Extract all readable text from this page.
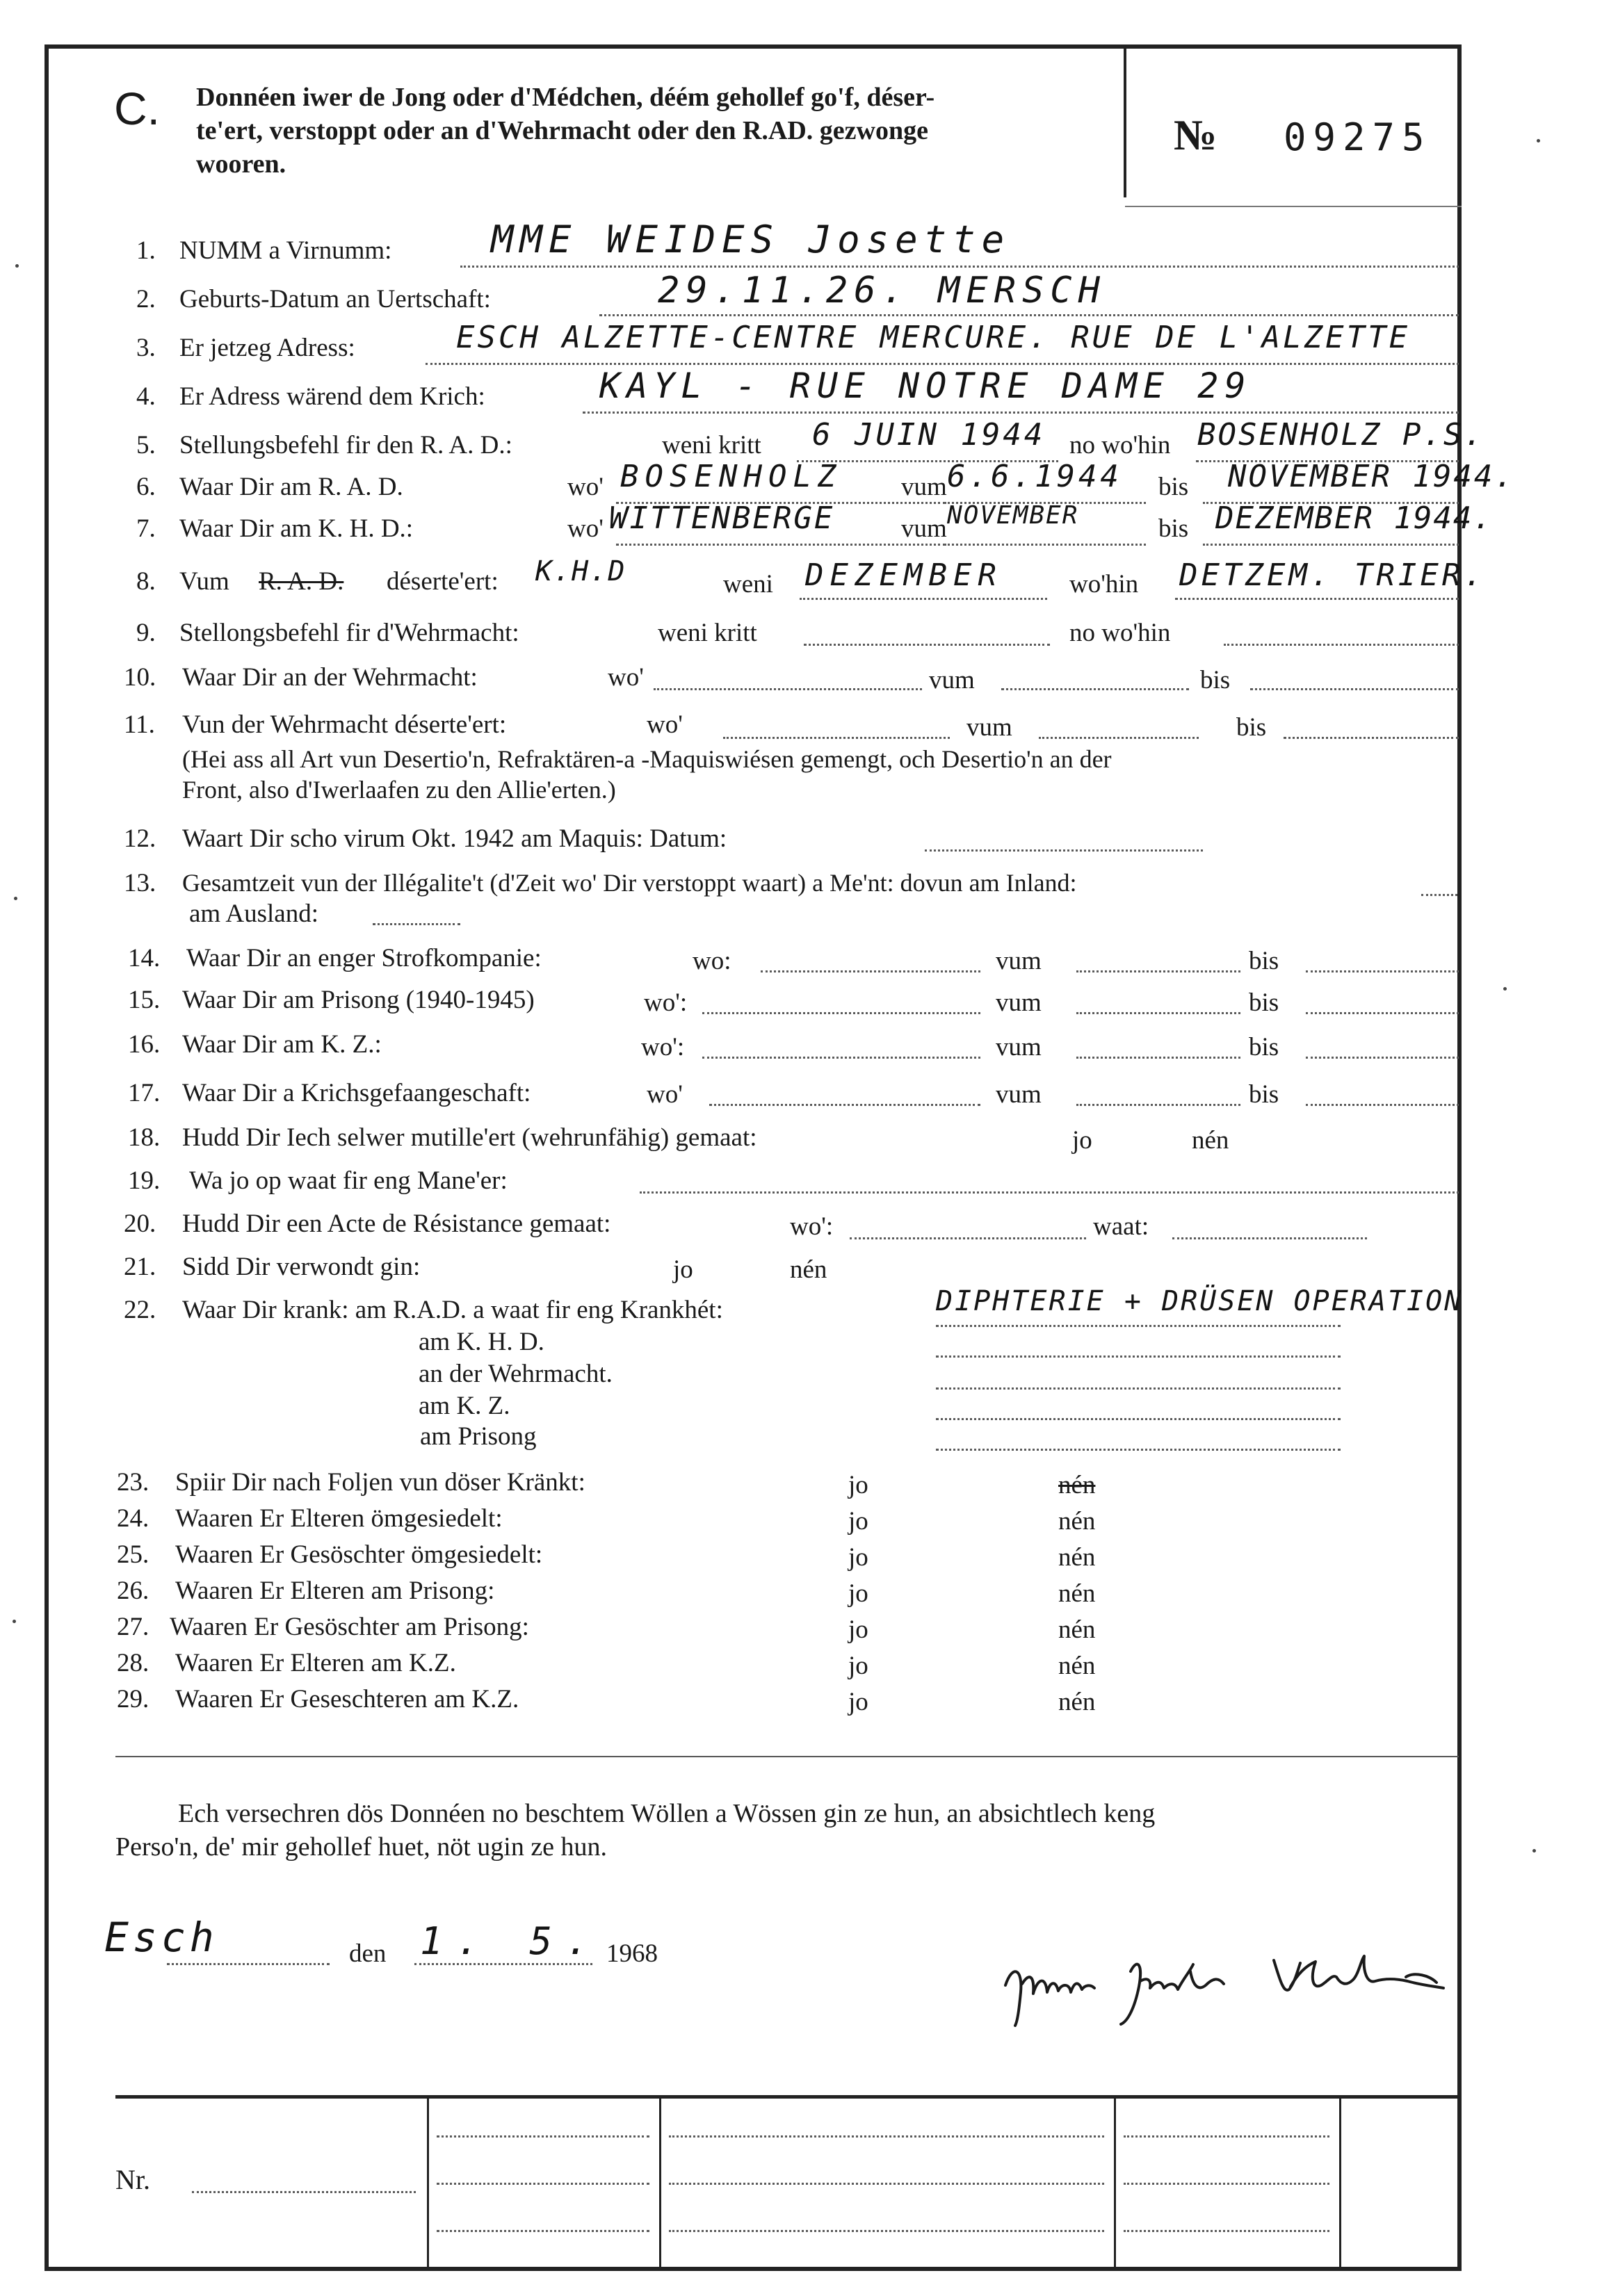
C. Donnéen iwer de Jong oder d'Médchen, déém gehollef go'f, déser-
te'ert, verstoppt oder an d'Wehrmacht oder den R.AD. gezwonge
wooren.
№ 09275
1. NUMM a Virnumm:	MME WEIDES Josette
2. Geburts-Datum an Uertschaft:	29.11.26. MERSCH
3. Er jetzeg Adress:	ESCH ALZETTE-CENTRE MERCURE. RUE DE L'ALZETTE
4. Er Adress wärend dem Krich:	KAYL - RUE NOTRE DAME 29
5. Stellungsbefehl fir den R. A. D.:	weni kritt 6 JUIN 1944 no wo'hin BOSENHOLZ P.S.
6. Waar Dir am R. A. D.	wo' BOSENHOLZ vum 6.6.1944 bis NOVEMBER 1944.
7. Waar Dir am K. H. D.:	wo' WITTENBERGE	vum NOVEMBER	bis DEZEMBER 1944.
8. Vum R. A. D. déserte'ert: K.H.D	weni DEZEMBER	wo'hin DETZEM. TRIER.
9. Stellongsbefehl fir d'Wehrmacht:	weni kritt	no wo'hin
10. Waar Dir an der Wehrmacht:	wo'	vum	bis
11. Vun der Wehrmacht déserte'ert:	wo'	vum	bis
(Hei ass all Art vun Desertio'n, Refraktären-a -Maquiswiésen gemengt, och Desertio'n an der
Front, also d'Iwerlaafen zu den Allie'erten.)
12. Waart Dir scho virum Okt. 1942 am Maquis: Datum:
13. Gesamtzeit vun der Illégalite't (d'Zeit wo' Dir verstoppt waart) a Me'nt: dovun am Inland:
am Ausland:
14. Waar Dir an enger Strofkompanie:	wo:	vum	bis
15. Waar Dir am Prisong (1940-1945)	wo':	vum	bis
16. Waar Dir am K. Z.:	wo':	vum	bis
17. Waar Dir a Krichsgefaangeschaft:	wo'	vum	bis
18. Hudd Dir Iech selwer mutille'ert (wehrunfähig) gemaat:	jo	nén
19. Wa jo op waat fir eng Mane'er:
20. Hudd Dir een Acte de Résistance gemaat:	wo':	waat:
21. Sidd Dir verwondt gin:	jo	nén
22. Waar Dir krank: am R.A.D. a waat fir eng Krankhét:	DIPHTERIE + DRÜSEN OPERATION
am K. H. D.
an der Wehrmacht.
am K. Z.
am Prisong
23. Spiir Dir nach Foljen vun döser Kränkt:	jo	nén
24. Waaren Er Elteren ömgesiedelt:	jo	nén
25. Waaren Er Gesöschter ömgesiedelt:	jo	nén
26. Waaren Er Elteren am Prisong:	jo	nén
27. Waaren Er Gesöschter am Prisong:	jo	nén
28. Waaren Er Elteren am K.Z.	jo	nén
29. Waaren Er Geseschteren am K.Z.	jo	nén
Ech versechren dös Donnéen no beschtem Wöllen a Wössen gin ze hun, an absichtlech keng
Perso'n, de' mir gehollef huet, nöt ugin ze hun.
Esch	den 1. 5. 1968
Nr.
